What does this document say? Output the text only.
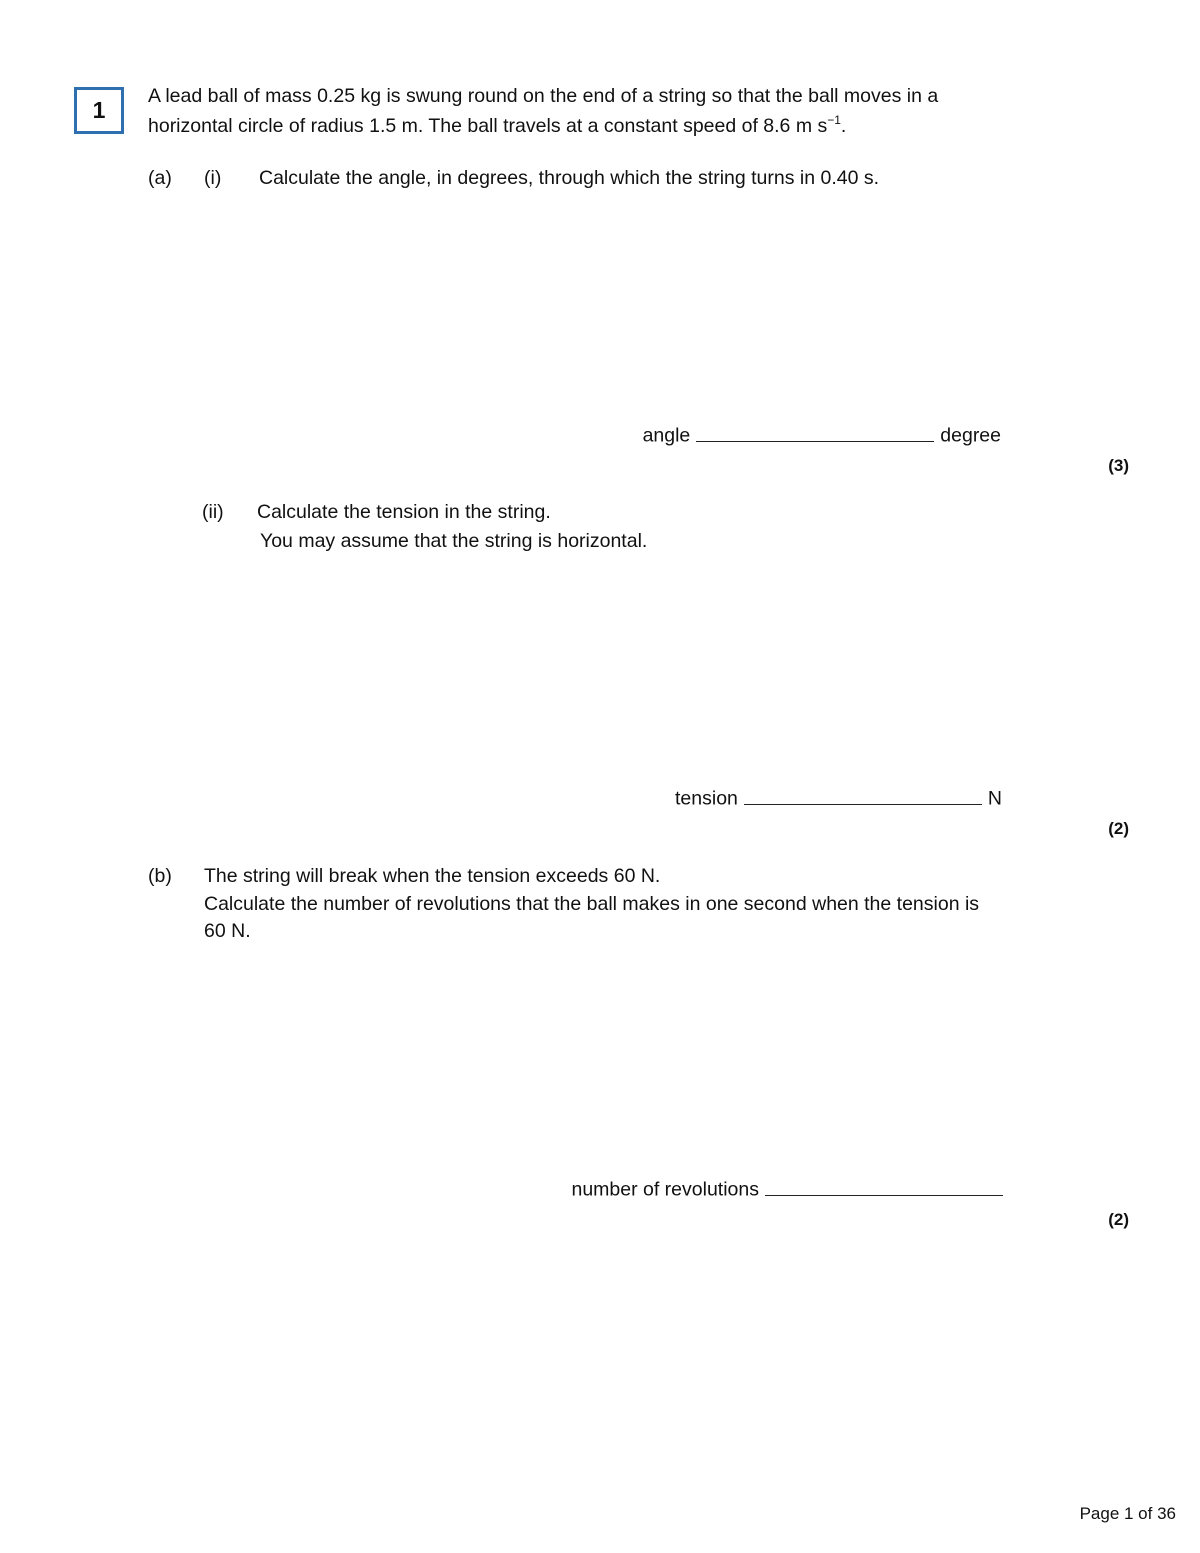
1
A lead ball of mass 0.25 kg is swung round on the end of a string so that the ball moves in a
horizontal circle of radius 1.5 m. The ball travels at a constant speed of 8.6 m $s^{-1}$.
(a) (i) Calculate the angle, in degrees, through which the string turns in 0.40 s.
angle	degree
(3)
(ii) Calculate the tension in the string.
You may assume that the string is horizontal.
tension	N
(2)
(b) The string will break when the tension exceeds 60 N.
Calculate the number of revolutions that the ball makes in one second when the tension is
60 N.
number of revolutions
(2)
Page 1 of 36
